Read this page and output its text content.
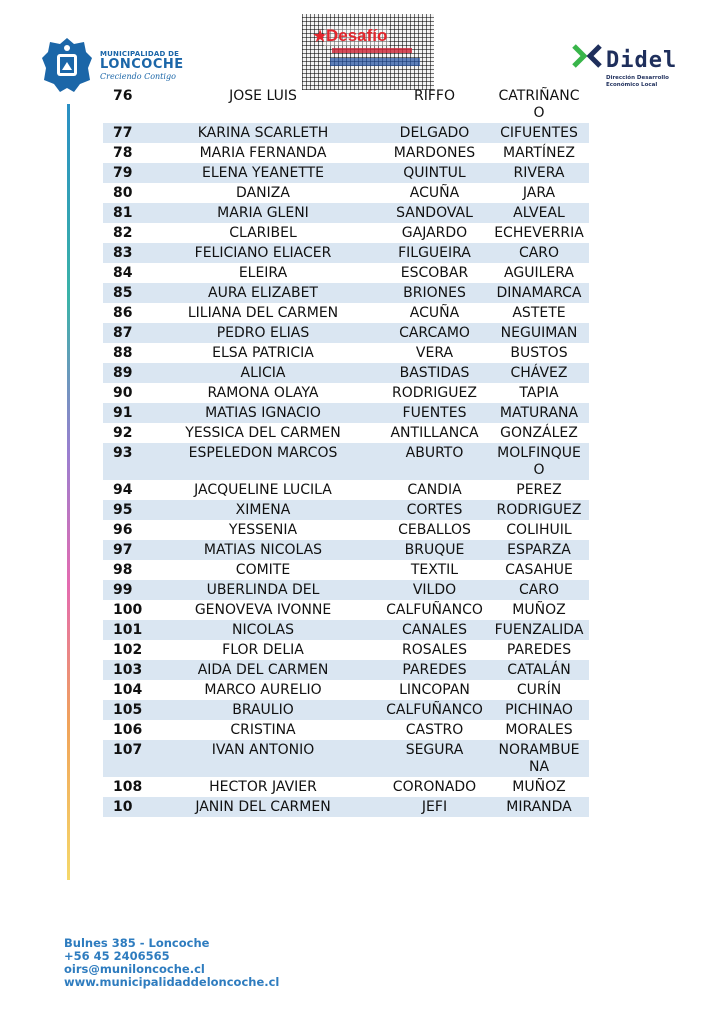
MUNICIPALIDAD DE
LONCOCHE
Creciendo Contigo
★
Desafío
Didel
Dirección Desarrollo
Económico Local
76	JOSE LUIS	RIFFO	CATRIÑANCO
77	KARINA SCARLETH	DELGADO	CIFUENTES
78	MARIA FERNANDA	MARDONES	MARTÍNEZ
79	ELENA YEANETTE	QUINTUL	RIVERA
80	DANIZA	ACUÑA	JARA
81	MARIA GLENI	SANDOVAL	ALVEAL
82	CLARIBEL	GAJARDO	ECHEVERRIA
83	FELICIANO ELIACER	FILGUEIRA	CARO
84	ELEIRA	ESCOBAR	AGUILERA
85	AURA ELIZABET	BRIONES	DINAMARCA
86	LILIANA DEL CARMEN	ACUÑA	ASTETE
87	PEDRO ELIAS	CARCAMO	NEGUIMAN
88	ELSA PATRICIA	VERA	BUSTOS
89	ALICIA	BASTIDAS	CHÁVEZ
90	RAMONA OLAYA	RODRIGUEZ	TAPIA
91	MATIAS IGNACIO	FUENTES	MATURANA
92	YESSICA DEL CARMEN	ANTILLANCA	GONZÁLEZ
93	ESPELEDON MARCOS	ABURTO	MOLFINQUEO
94	JACQUELINE LUCILA	CANDIA	PEREZ
95	XIMENA	CORTES	RODRIGUEZ
96	YESSENIA	CEBALLOS	COLIHUIL
97	MATIAS NICOLAS	BRUQUE	ESPARZA
98	COMITE	TEXTIL	CASAHUE
99	UBERLINDA DEL	VILDO	CARO
100	GENOVEVA IVONNE	CALFUÑANCO	MUÑOZ
101	NICOLAS	CANALES	FUENZALIDA
102	FLOR DELIA	ROSALES	PAREDES
103	AIDA DEL CARMEN	PAREDES	CATALÁN
104	MARCO AURELIO	LINCOPAN	CURÍN
105	BRAULIO	CALFUÑANCO	PICHINAO
106	CRISTINA	CASTRO	MORALES
107	IVAN ANTONIO	SEGURA	NORAMBUENA
108	HECTOR JAVIER	CORONADO	MUÑOZ
10	JANIN DEL CARMEN	JEFI	MIRANDA
Bulnes 385 - Loncoche
+56 45 2406565
oirs@muniloncoche.cl
www.municipalidaddeloncoche.cl
